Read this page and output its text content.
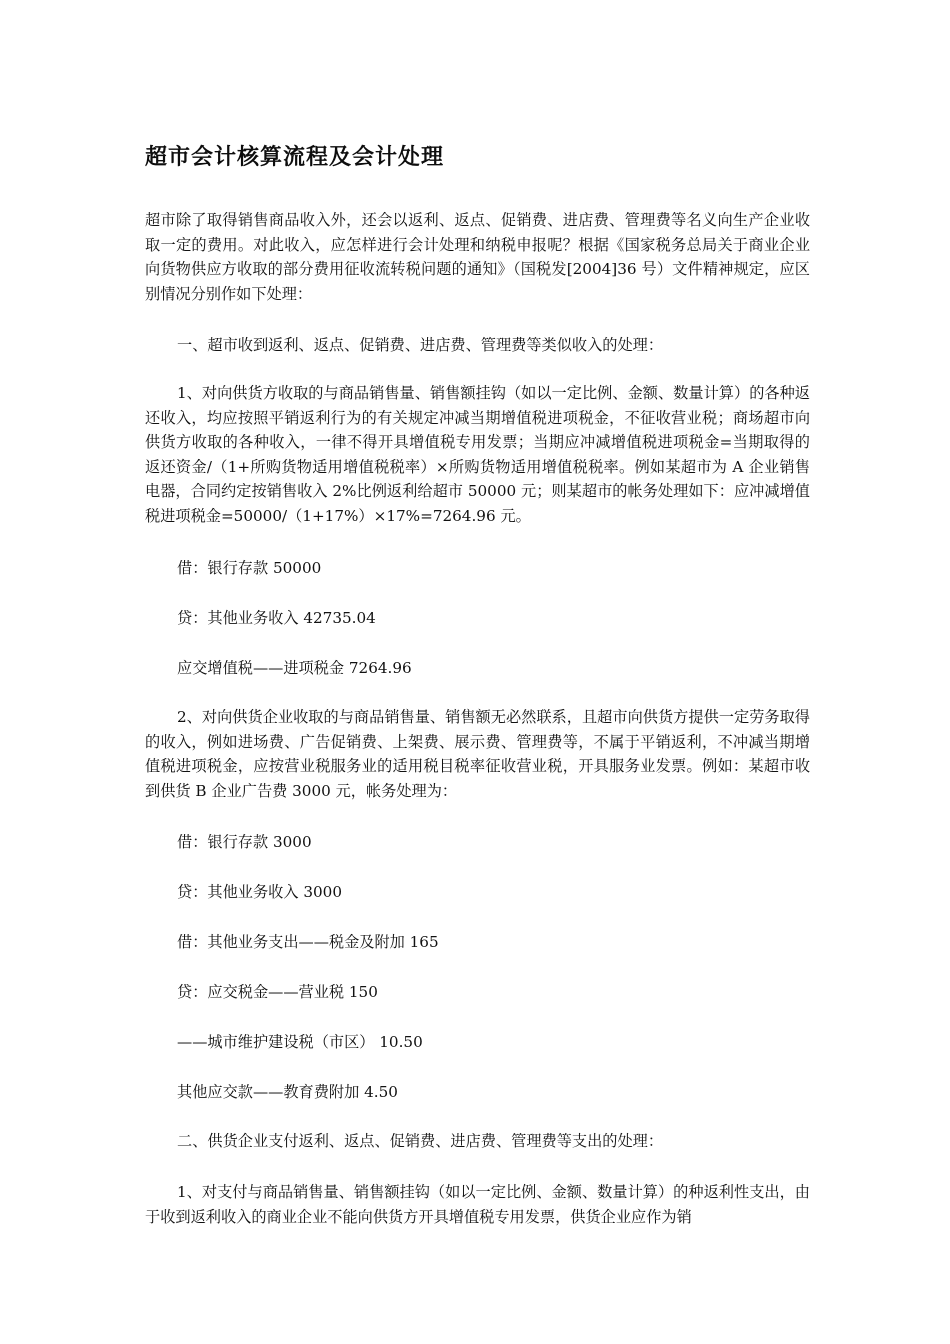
超市会计核算流程及会计处理

超市除了取得销售商品收入外，还会以返利、返点、促销费、进店费、管理费等名义向生产企业收取一定的费用。对此收入，应怎样进行会计处理和纳税申报呢？根据《国家税务总局关于商业企业向货物供应方收取的部分费用征收流转税问题的通知》（国税发[2004]36 号）文件精神规定，应区别情况分别作如下处理：

一、超市收到返利、返点、促销费、进店费、管理费等类似收入的处理：

1、对向供货方收取的与商品销售量、销售额挂钩（如以一定比例、金额、数量计算）的各种返还收入，均应按照平销返利行为的有关规定冲减当期增值税进项税金，不征收营业税；商场超市向供货方收取的各种收入，一律不得开具增值税专用发票；当期应冲减增值税进项税金=当期取得的返还资金/（1+所购货物适用增值税税率）×所购货物适用增值税税率。例如某超市为 A 企业销售电器，合同约定按销售收入 2%比例返利给超市 50000 元；则某超市的帐务处理如下：应冲减增值税进项税金=50000/（1+17%）×17%=7264.96 元。

借：银行存款 50000

贷：其他业务收入 42735.04

应交增值税——进项税金 7264.96

2、对向供货企业收取的与商品销售量、销售额无必然联系，且超市向供货方提供一定劳务取得的收入，例如进场费、广告促销费、上架费、展示费、管理费等，不属于平销返利，不冲减当期增值税进项税金，应按营业税服务业的适用税目税率征收营业税，开具服务业发票。例如：某超市收到供货 B 企业广告费 3000 元，帐务处理为：

借：银行存款 3000

贷：其他业务收入 3000

借：其他业务支出——税金及附加 165

贷：应交税金——营业税 150

——城市维护建设税（市区） 10.50

其他应交款——教育费附加 4.50

二、供货企业支付返利、返点、促销费、进店费、管理费等支出的处理：

1、对支付与商品销售量、销售额挂钩（如以一定比例、金额、数量计算）的种返利性支出，由于收到返利收入的商业企业不能向供货方开具增值税专用发票，供货企业应作为销
